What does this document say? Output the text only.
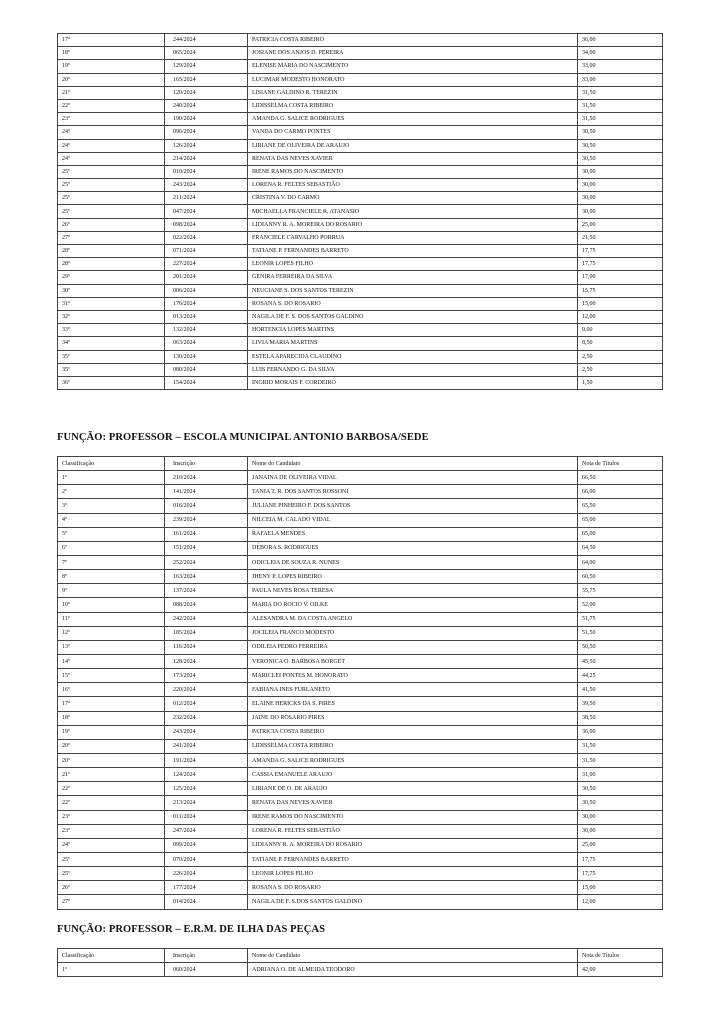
17º	244/2024	PATRICIA COSTA RIBEIRO	36,00
18º	065/2024	JOSIANE DOS ANJOS D. PEREIRA	34,00
19º	129/2024	ELENISE MARIA DO NASCIMENTO	33,00
20º	165/2024	LUCIMAR MODESTO HONORATO	33,00
21º	120/2024	LISIANE GALDINO R. TEREZIN	31,50
22º	240/2024	LIDISSELMA COSTA RIBEIRO	31,50
23º	190/2024	AMANDA G. SALICE RODRIGUES	31,50
24º	096/2024	VANDA DO CARMO PONTES	30,50
24º	126/2024	LIRIANE DE OLIVEIRA DE ARAUJO	30,50
24º	214/2024	RENATA DAS NEVES XAVIER	30,50
25º	010/2024	IRENE RAMOS DO NASCIMENTO	30,00
25º	243/2024	LORENA R. FELTES SEBASTIÃO	30,00
25º	211/2024	CRISTINA V. DO CARMO	30,00
25º	047/2024	MICHAELLA FRANCIELE R. ATANASIO	30,00
26º	098/2024	LIDIANNY R. A. MOREIRA DO ROSARIO	25,00
27º	022/2024	FRANCIELE CARVALHO PORRUA	21,50
28º	071/2024	TATIANE P. FERNANDES BARRETO	17,75
28º	227/2024	LEONIR LOPES FILHO	17,75
29º	201/2024	GENIRA FERREIRA DA SILVA	17,00
30º	006/2024	NEUCIANE S. DOS SANTOS TEREZIN	15,75
31º	176/2024	ROSANA S. DO ROSARIO	15,00
32º	013/2024	NAGILA DE F. S. DOS SANTOS GALDINO	12,00
33º	132/2024	HORTENCIA LOPES MARTINS	9,00
34º	063/2024	LIVIA MARIA MARTINS	8,50
35º	130/2024	ESTELA APARECIDA CLAUDINO	2,50
35º	080/2024	LUIS FERNANDO G. DA SILVA	2,50
36º	154/2024	INGRID MORAIS F. CORDEIRO	1,50
FUNÇÃO: PROFESSOR – ESCOLA MUNICIPAL ANTONIO BARBOSA/SEDE
Classificação	Inscrição	Nome do Candidato	Nota de Títulos
1º	210/2024	JANAINA DE OLIVEIRA VIDAL	66,50
2º	141/2024	TANIA T. R. DOS SANTOS ROSSONI	66,00
3º	016/2024	JULIANE PINHEIRO F. DOS SANTOS	65,50
4º	239/2024	NILCEIA M. CALADO VIDAL	65,00
5º	161/2024	RAFAELA MENDES	65,00
6º	151/2024	DÉBORA S. RODRIGUES	64,50
7º	252/2024	ODICLEIA DE SOUZA R. NUNES	64,00
8º	163/2024	JHENY P. LOPES RIBEIRO	60,50
9º	137/2024	PAULA NEVES ROSA TERESA	55,75
10º	088/2024	MARIA DO ROCIO V. OILKE	52,00
11º	242/2024	ALESANDRA M. DA COSTA ANGELO	51,75
12º	185/2024	JOCILEIA FRANCO MODESTO	51,50
13º	116/2024	ODILEIA PEDRO FERREIRA	50,50
14º	128/2024	VERONICA O. BARBOSA BORGET	45,50
15º	173/2024	MARICLEI PONTES M. HONORATO	44,25
16º	220/2024	FABIANA INES FURLANETO	41,50
17º	012/2024	ELAINE HERICKS DA S. PIRES	39,50
18º	232/2024	JAINE DO ROSARIO PIRES	38,50
19º	243/2024	PATRICIA COSTA RIBEIRO	36,00
20º	241/2024	LIDISSELMA COSTA RIBEIRO	31,50
20º	191/2024	AMANDA G. SALICE RODRIGUES	31,50
21º	124/2024	CASSIA EMANUELE ARAUJO	31,00
22º	125/2024	LIRIANE DE O. DE ARAUJO	30,50
22º	213/2024	RENATA DAS NEVES XAVIER	30,50
23º	011/2024	IRENE RAMOS DO NASCIMENTO	30,00
23º	247/2024	LORENA R. FELTES SEBASTIÃO	30,00
24º	099/2024	LIDIANNY R. A. MOREIRA DO ROSARIO	25,00
25º	070/2024	TATIANE P. FERNANDES BARRETO	17,75
25º	226/2024	LEONIR LOPES FILHO	17,75
26º	177/2024	ROSANA S. DO ROSARIO	15,00
27º	014/2024	NAGILA DE F. S.DOS SANTOS GALDINO	12,00
FUNÇÃO: PROFESSOR – E.R.M. DE ILHA DAS PEÇAS
Classificação	Inscrição	Nome do Candidato	Nota de Títulos
1º	060/2024	ADRIANA O. DE ALMEIDA TEODORO	42,00
